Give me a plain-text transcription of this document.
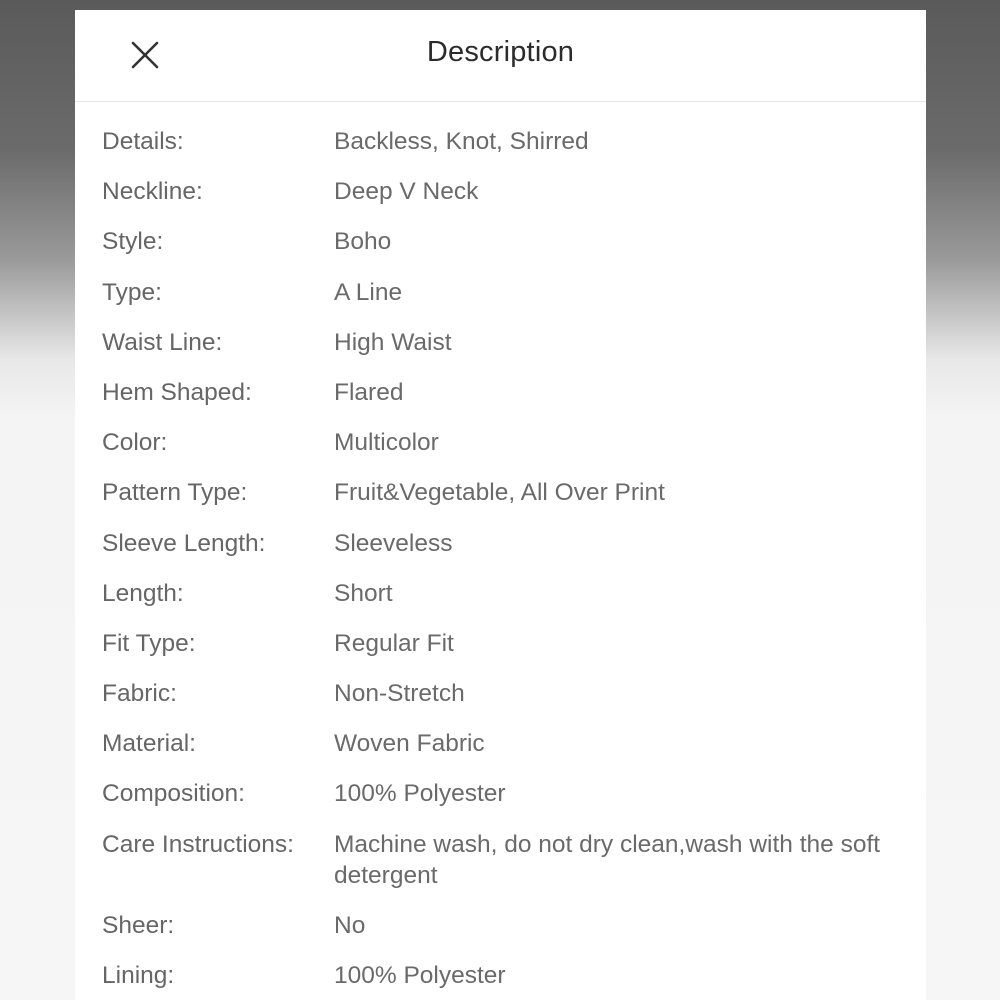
Description
Details:	Backless, Knot, Shirred
Neckline:	Deep V Neck
Style:	Boho
Type:	A Line
Waist Line:	High Waist
Hem Shaped:	Flared
Color:	Multicolor
Pattern Type:	Fruit&Vegetable, All Over Print
Sleeve Length:	Sleeveless
Length:	Short
Fit Type:	Regular Fit
Fabric:	Non-Stretch
Material:	Woven Fabric
Composition:	100% Polyester
Care Instructions:	Machine wash, do not dry clean,wash with the soft detergent
Sheer:	No
Lining:	100% Polyester
